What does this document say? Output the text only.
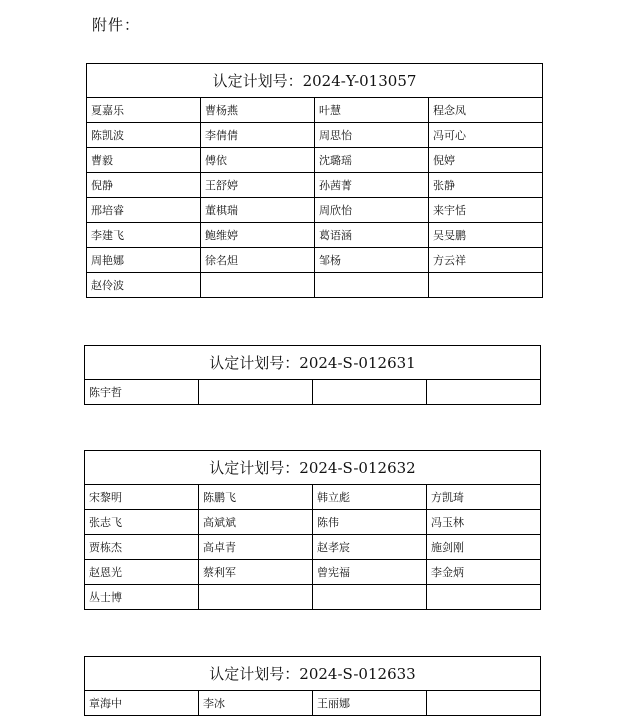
附件：
认定计划号：2024-Y-013057			
夏嘉乐	曹杨燕	叶慧	程念凤
陈凯波	李倩倩	周思怡	冯可心
曹毅	傅依	沈璐瑶	倪婷
倪静	王舒婷	孙茜菁	张静
邢培睿	董棋瑞	周欣怡	来宇恬
李建飞	鲍维婷	葛语涵	吴旻鹏
周艳娜	徐名炟	邹杨	方云祥
赵伶波			
认定计划号：2024-S-012631
陈宇哲			
认定计划号：2024-S-012632			
宋黎明	陈鹏飞	韩立彪	方凯琦
张志飞	高斌斌	陈伟	冯玉林
贾栋杰	高卓青	赵孝宸	施剑刚
赵恩光	蔡利军	曾宪福	李金炳
丛士博			
认定计划号：2024-S-012633
章海中	李冰	王丽娜	
